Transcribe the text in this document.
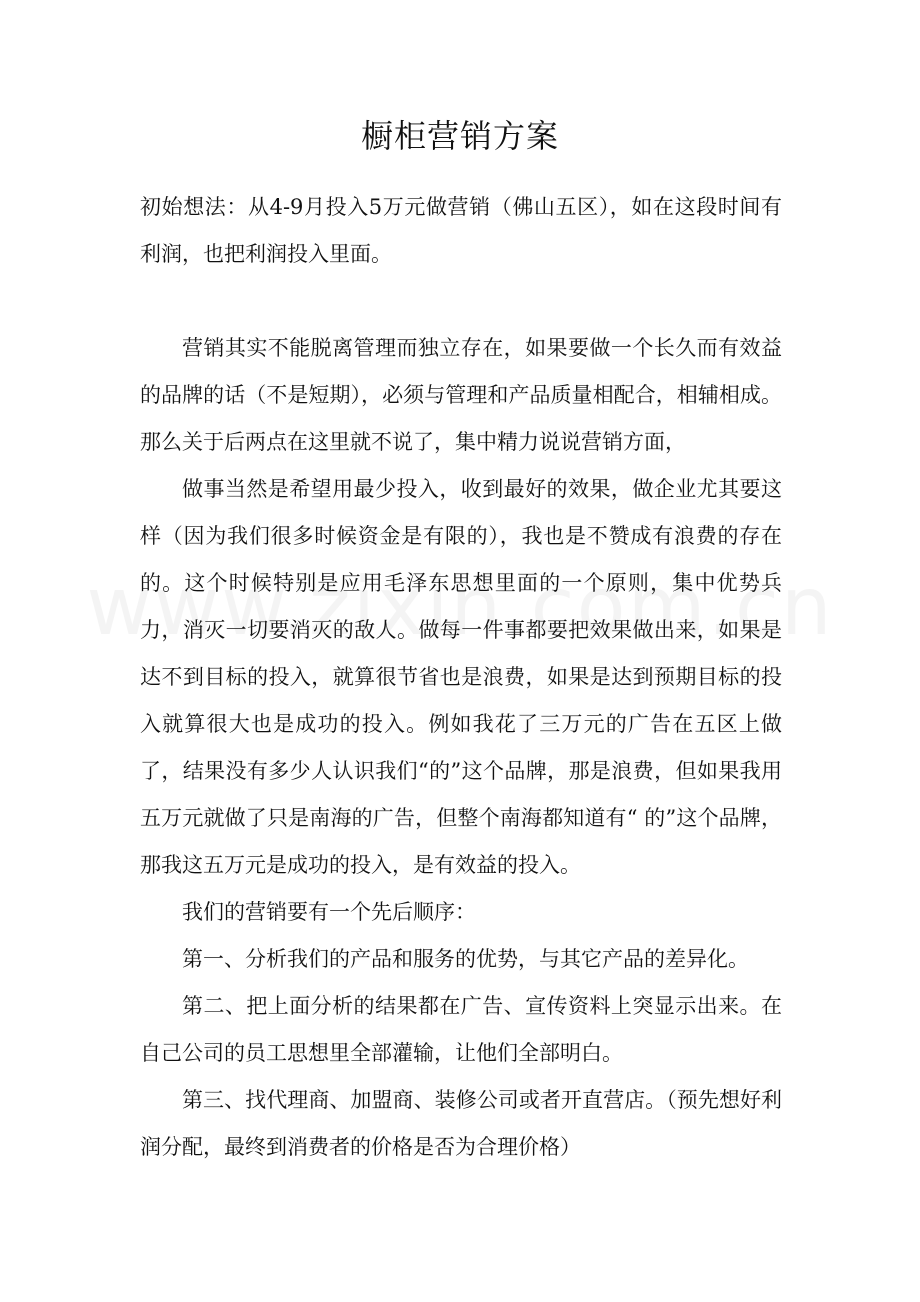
橱柜营销方案

初始想法：从4-9月投入5万元做营销（佛山五区），如在这段时间有利润，也把利润投入里面。

营销其实不能脱离管理而独立存在，如果要做一个长久而有效益的品牌的话（不是短期），必须与管理和产品质量相配合，相辅相成。那么关于后两点在这里就不说了，集中精力说说营销方面，

做事当然是希望用最少投入，收到最好的效果，做企业尤其要这样（因为我们很多时候资金是有限的），我也是不赞成有浪费的存在的。这个时候特别是应用毛泽东思想里面的一个原则，集中优势兵力，消灭一切要消灭的敌人。做每一件事都要把效果做出来，如果是达不到目标的投入，就算很节省也是浪费，如果是达到预期目标的投入就算很大也是成功的投入。例如我花了三万元的广告在五区上做了，结果没有多少人认识我们“的”这个品牌，那是浪费，但如果我用五万元就做了只是南海的广告，但整个南海都知道有“ 的”这个品牌，那我这五万元是成功的投入，是有效益的投入。

我们的营销要有一个先后顺序：

第一、分析我们的产品和服务的优势，与其它产品的差异化。

第二、把上面分析的结果都在广告、宣传资料上突显示出来。在自己公司的员工思想里全部灌输，让他们全部明白。

第三、找代理商、加盟商、装修公司或者开直营店。（预先想好利润分配，最终到消费者的价格是否为合理价格）
